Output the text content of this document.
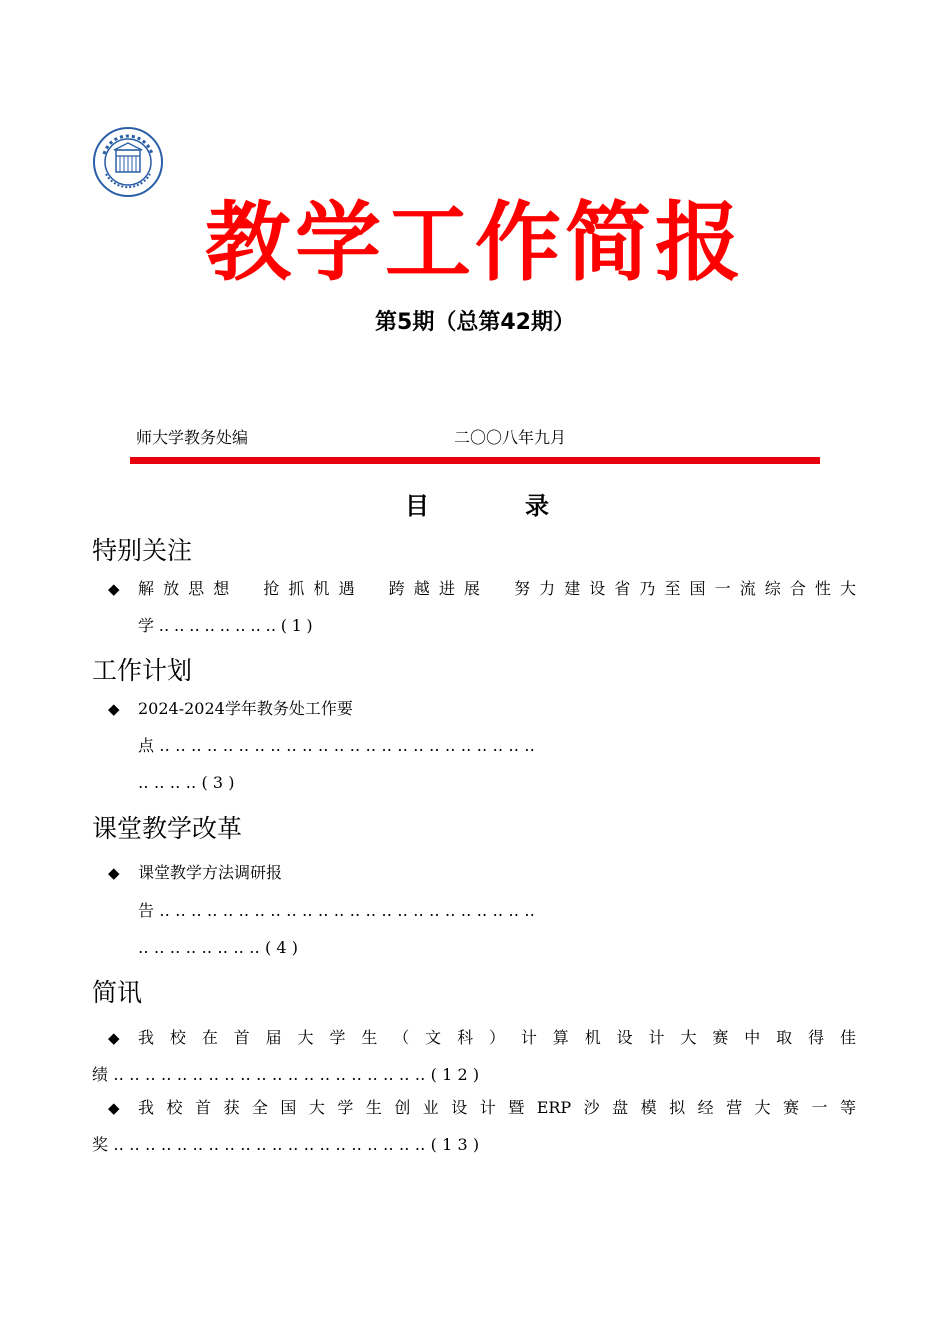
教学工作简报
第5期（总第42期）
师大学教务处编	二〇〇八年九月
目　录
特别关注
◆ 解放思想　抢抓机遇　跨越进展　努力建设省乃至国一流综合性大
学‥‥‥‥‥‥‥‥(1)
工作计划
◆ 2024-2024学年教务处工作要
点‥‥‥‥‥‥‥‥‥‥‥‥‥‥‥‥‥‥‥‥‥‥‥‥
‥‥‥‥(3)
课堂教学改革
◆ 课堂教学方法调研报
告‥‥‥‥‥‥‥‥‥‥‥‥‥‥‥‥‥‥‥‥‥‥‥‥
‥‥‥‥‥‥‥‥(4)
简讯
◆ 我校在首届大学生（文科）计算机设计大赛中取得佳
绩‥‥‥‥‥‥‥‥‥‥‥‥‥‥‥‥‥‥‥‥(12)
◆ 我校首获全国大学生创业设计暨ERP沙盘模拟经营大赛一等
奖‥‥‥‥‥‥‥‥‥‥‥‥‥‥‥‥‥‥‥‥(13)
